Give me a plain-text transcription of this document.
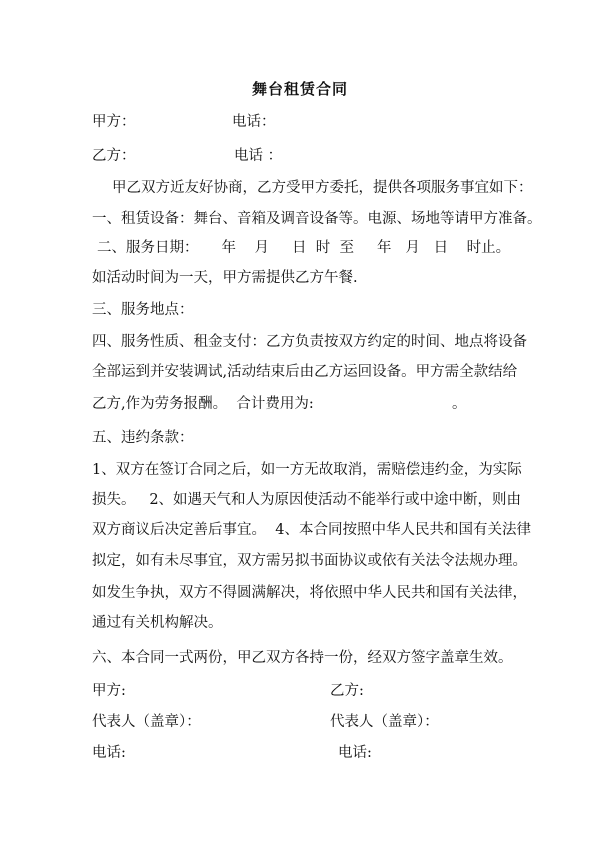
舞台租赁合同
甲方：	电话：
乙方：	电话 ：
甲乙双方近友好协商，乙方受甲方委托，提供各项服务事宜如下：
一、租赁设备：舞台、音箱及调音设备等。电源、场地等请甲方准备。
二、服务日期：     年    月     日  时  至     年   月   日    时止。
如活动时间为一天，甲方需提供乙方午餐.
三、服务地点：
四、服务性质、租金支付：乙方负责按双方约定的时间、地点将设备
全部运到并安装调试,活动结束后由乙方运回设备。甲方需全款结给
乙方,作为劳务报酬。  合计费用为:                              。
五、违约条款：
1、双方在签订合同之后，如一方无故取消，需赔偿违约金，为实际
损失。   2、如遇天气和人为原因使活动不能举行或中途中断，则由
双方商议后决定善后事宜。  4、本合同按照中华人民共和国有关法律
拟定，如有未尽事宜，双方需另拟书面协议或依有关法令法规办理。
如发生争执，双方不得圆满解决，将依照中华人民共和国有关法律，
通过有关机构解决。
六、本合同一式两份，甲乙双方各持一份，经双方签字盖章生效。
甲方:	乙方:
代表人（盖章）：	代表人（盖章）：
电话:	电话:
